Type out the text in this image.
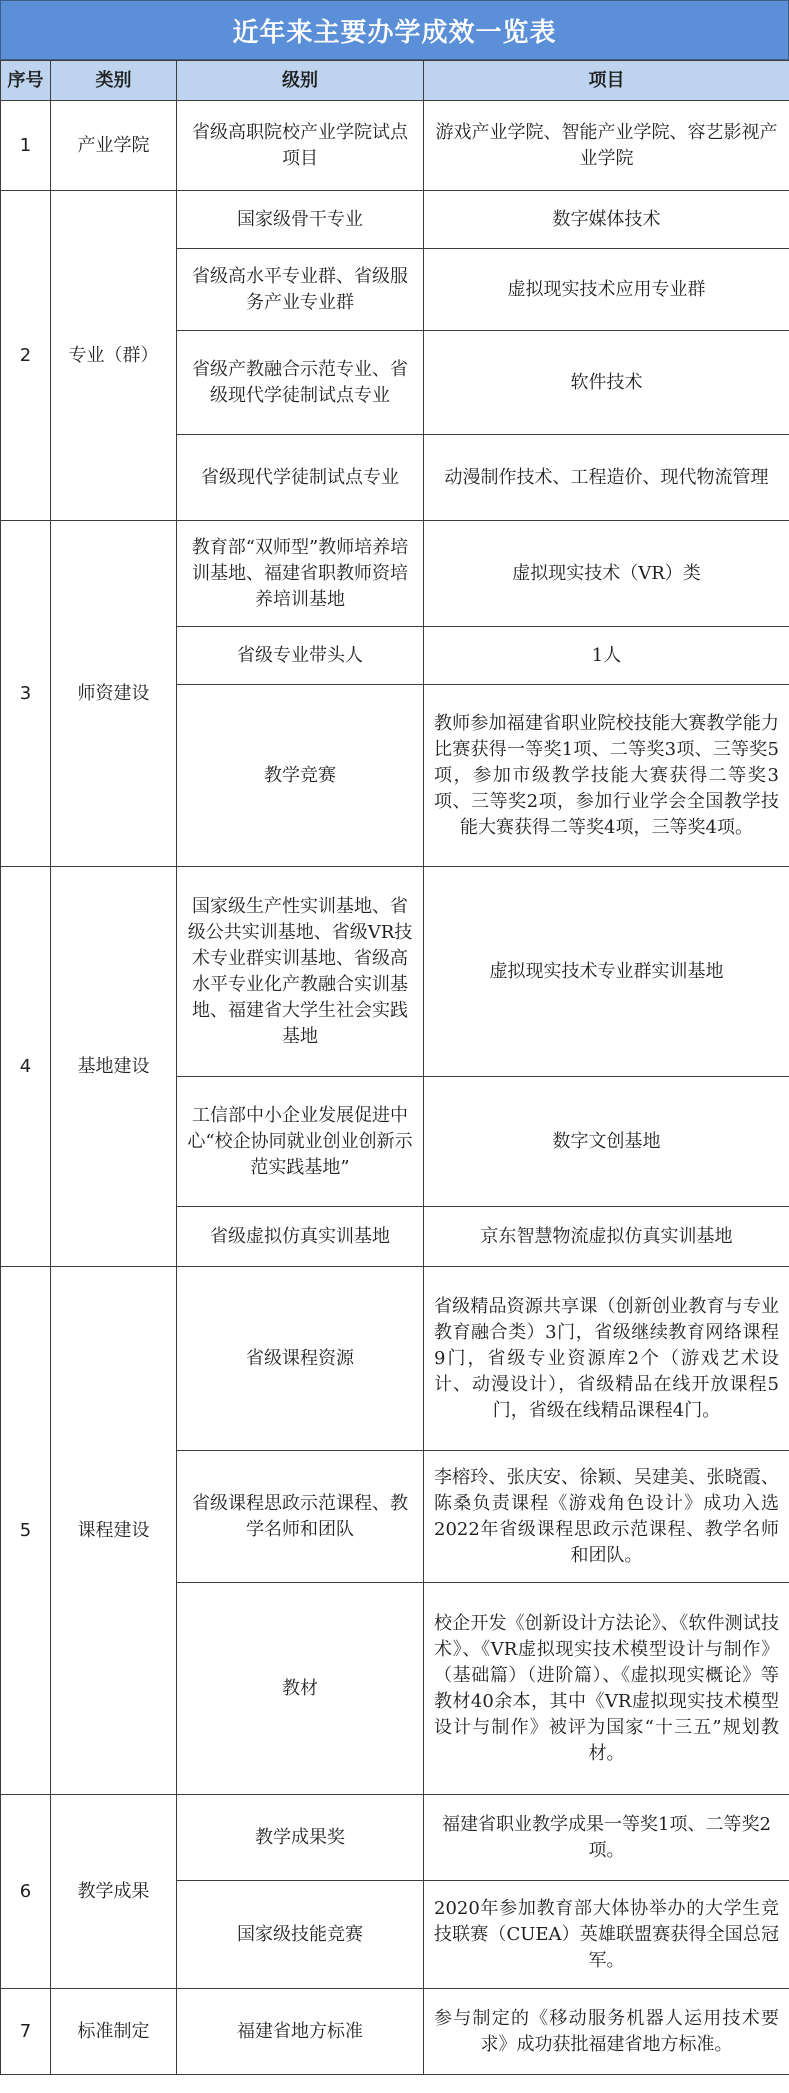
近年来主要办学成效一览表
序号	类别	级别	项目
1	产业学院	省级高职院校产业学院试点项目	游戏产业学院、智能产业学院、容艺影视产业学院
2	专业（群）	国家级骨干专业	数字媒体技术
		省级高水平专业群、省级服务产业专业群	虚拟现实技术应用专业群
		省级产教融合示范专业、省级现代学徒制试点专业	软件技术
		省级现代学徒制试点专业	动漫制作技术、工程造价、现代物流管理
3	师资建设	教育部“双师型”教师培养培训基地、福建省职教师资培养培训基地	虚拟现实技术（VR）类
		省级专业带头人	1人
		教学竞赛	教师参加福建省职业院校技能大赛教学能力比赛获得一等奖1项、二等奖3项、三等奖5项，参加市级教学技能大赛获得二等奖3项、三等奖2项，参加行业学会全国教学技能大赛获得二等奖4项，三等奖4项。
4	基地建设	国家级生产性实训基地、省级公共实训基地、省级VR技术专业群实训基地、省级高水平专业化产教融合实训基地、福建省大学生社会实践基地	虚拟现实技术专业群实训基地
		工信部中小企业发展促进中心“校企协同就业创业创新示范实践基地”	数字文创基地
		省级虚拟仿真实训基地	京东智慧物流虚拟仿真实训基地
5	课程建设	省级课程资源	省级精品资源共享课（创新创业教育与专业教育融合类）3门，省级继续教育网络课程9门，省级专业资源库2个（游戏艺术设计、动漫设计），省级精品在线开放课程5门，省级在线精品课程4门。
		省级课程思政示范课程、教学名师和团队	李榕玲、张庆安、徐颖、吴建美、张晓霞、陈桑负责课程《游戏角色设计》成功入选2022年省级课程思政示范课程、教学名师和团队。
		教材	校企开发《创新设计方法论》、《软件测试技术》、《VR虚拟现实技术模型设计与制作》（基础篇）（进阶篇）、《虚拟现实概论》等教材40余本，其中《VR虚拟现实技术模型设计与制作》被评为国家“十三五”规划教材。
6	教学成果	教学成果奖	福建省职业教学成果一等奖1项、二等奖2项。
		国家级技能竞赛	2020年参加教育部大体协举办的大学生竞技联赛（CUEA）英雄联盟赛获得全国总冠军。
7	标准制定	福建省地方标准	参与制定的《移动服务机器人运用技术要求》成功获批福建省地方标准。
